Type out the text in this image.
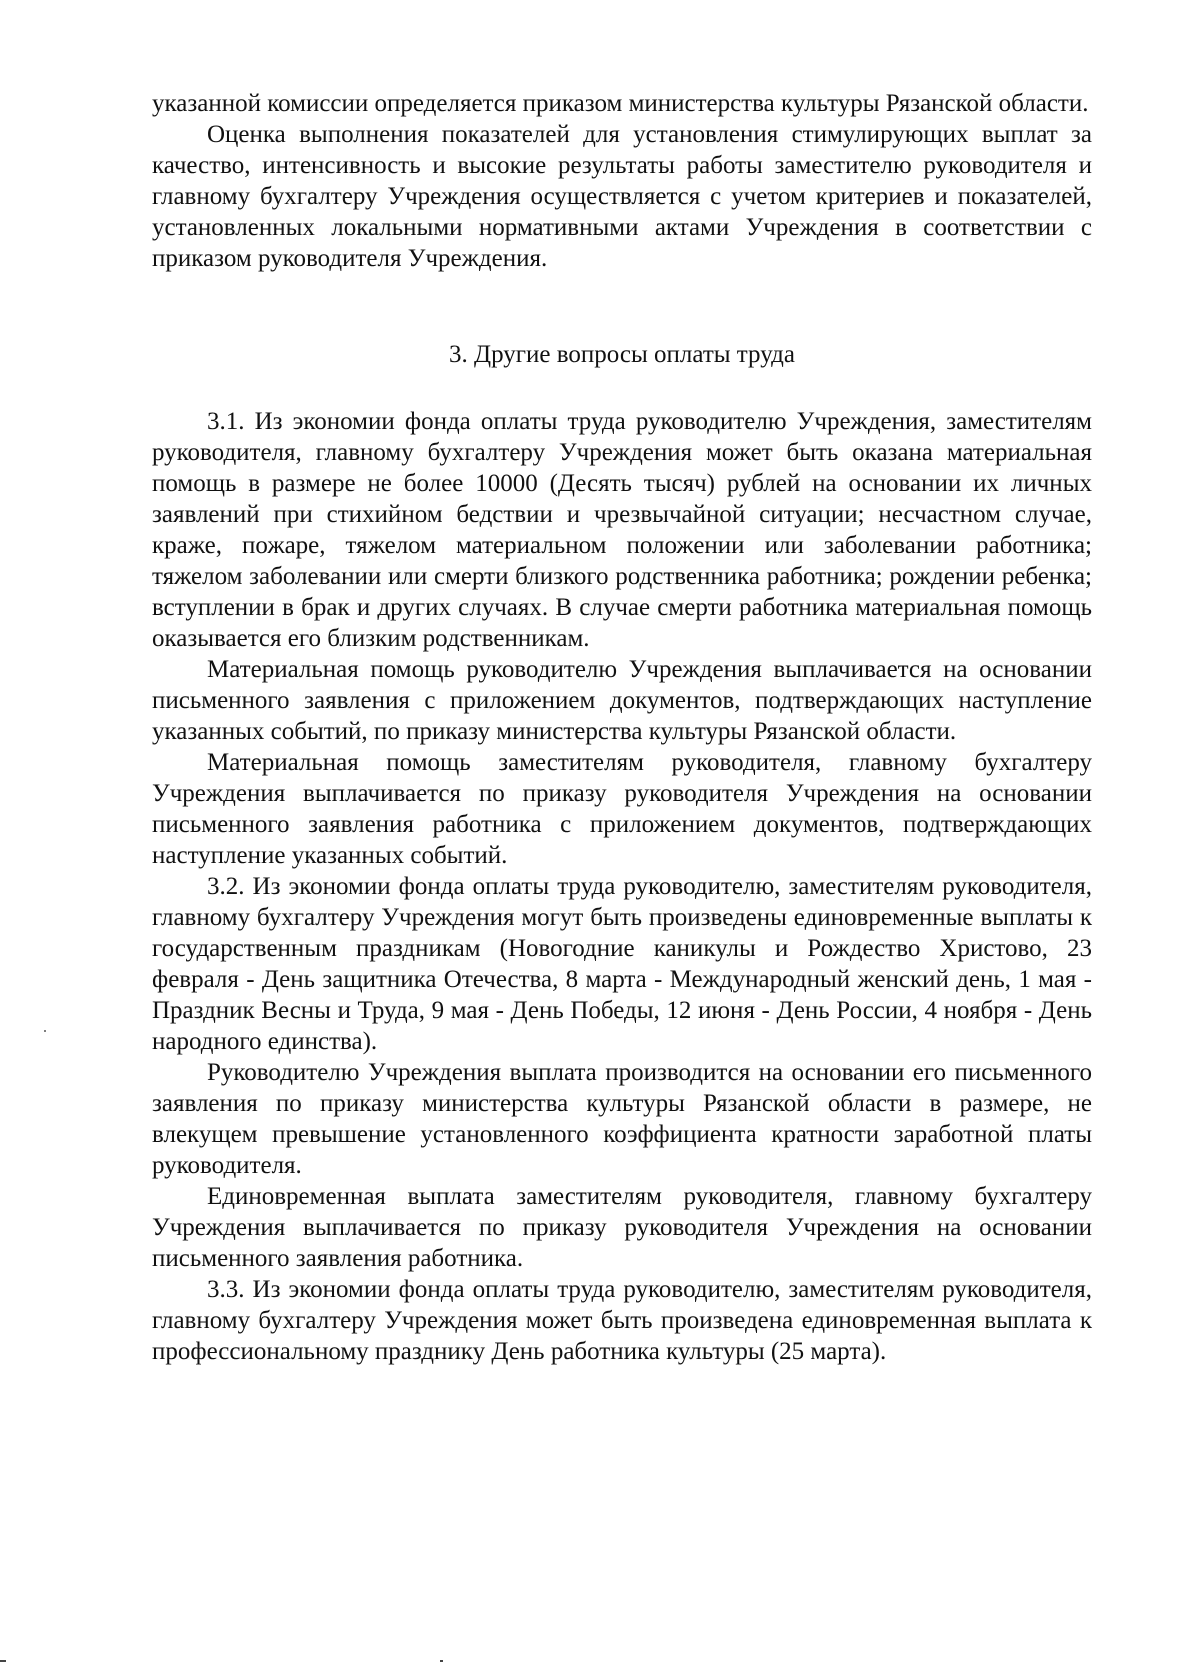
указанной комиссии определяется приказом министерства культуры Рязанской области.

Оценка выполнения показателей для установления стимулирующих выплат за качество, интенсивность и высокие результаты работы заместителю руководителя и главному бухгалтеру Учреждения осуществляется с учетом критериев и показателей, установленных локальными нормативными актами Учреждения в соответствии с приказом руководителя Учреждения.

3. Другие вопросы оплаты труда

3.1. Из экономии фонда оплаты труда руководителю Учреждения, заместителям руководителя, главному бухгалтеру Учреждения может быть оказана материальная помощь в размере не более 10000 (Десять тысяч) рублей на основании их личных заявлений при стихийном бедствии и чрезвычайной ситуации; несчастном случае, краже, пожаре, тяжелом материальном положении или заболевании работника; тяжелом заболевании или смерти близкого родственника работника; рождении ребенка; вступлении в брак и других случаях. В случае смерти работника материальная помощь оказывается его близким родственникам.

Материальная помощь руководителю Учреждения выплачивается на основании письменного заявления с приложением документов, подтверждающих наступление указанных событий, по приказу министерства культуры Рязанской области.

Материальная помощь заместителям руководителя, главному бухгалтеру Учреждения выплачивается по приказу руководителя Учреждения на основании письменного заявления работника с приложением документов, подтверждающих наступление указанных событий.

3.2. Из экономии фонда оплаты труда руководителю, заместителям руководителя, главному бухгалтеру Учреждения могут быть произведены единовременные выплаты к государственным праздникам (Новогодние каникулы и Рождество Христово, 23 февраля - День защитника Отечества, 8 марта - Международный женский день, 1 мая - Праздник Весны и Труда, 9 мая - День Победы, 12 июня - День России, 4 ноября - День народного единства).

Руководителю Учреждения выплата производится на основании его письменного заявления по приказу министерства культуры Рязанской области в размере, не влекущем превышение установленного коэффициента кратности заработной платы руководителя.

Единовременная выплата заместителям руководителя, главному бухгалтеру Учреждения выплачивается по приказу руководителя Учреждения на основании письменного заявления работника.

3.3. Из экономии фонда оплаты труда руководителю, заместителям руководителя, главному бухгалтеру Учреждения может быть произведена единовременная выплата к профессиональному празднику День работника культуры (25 марта).
